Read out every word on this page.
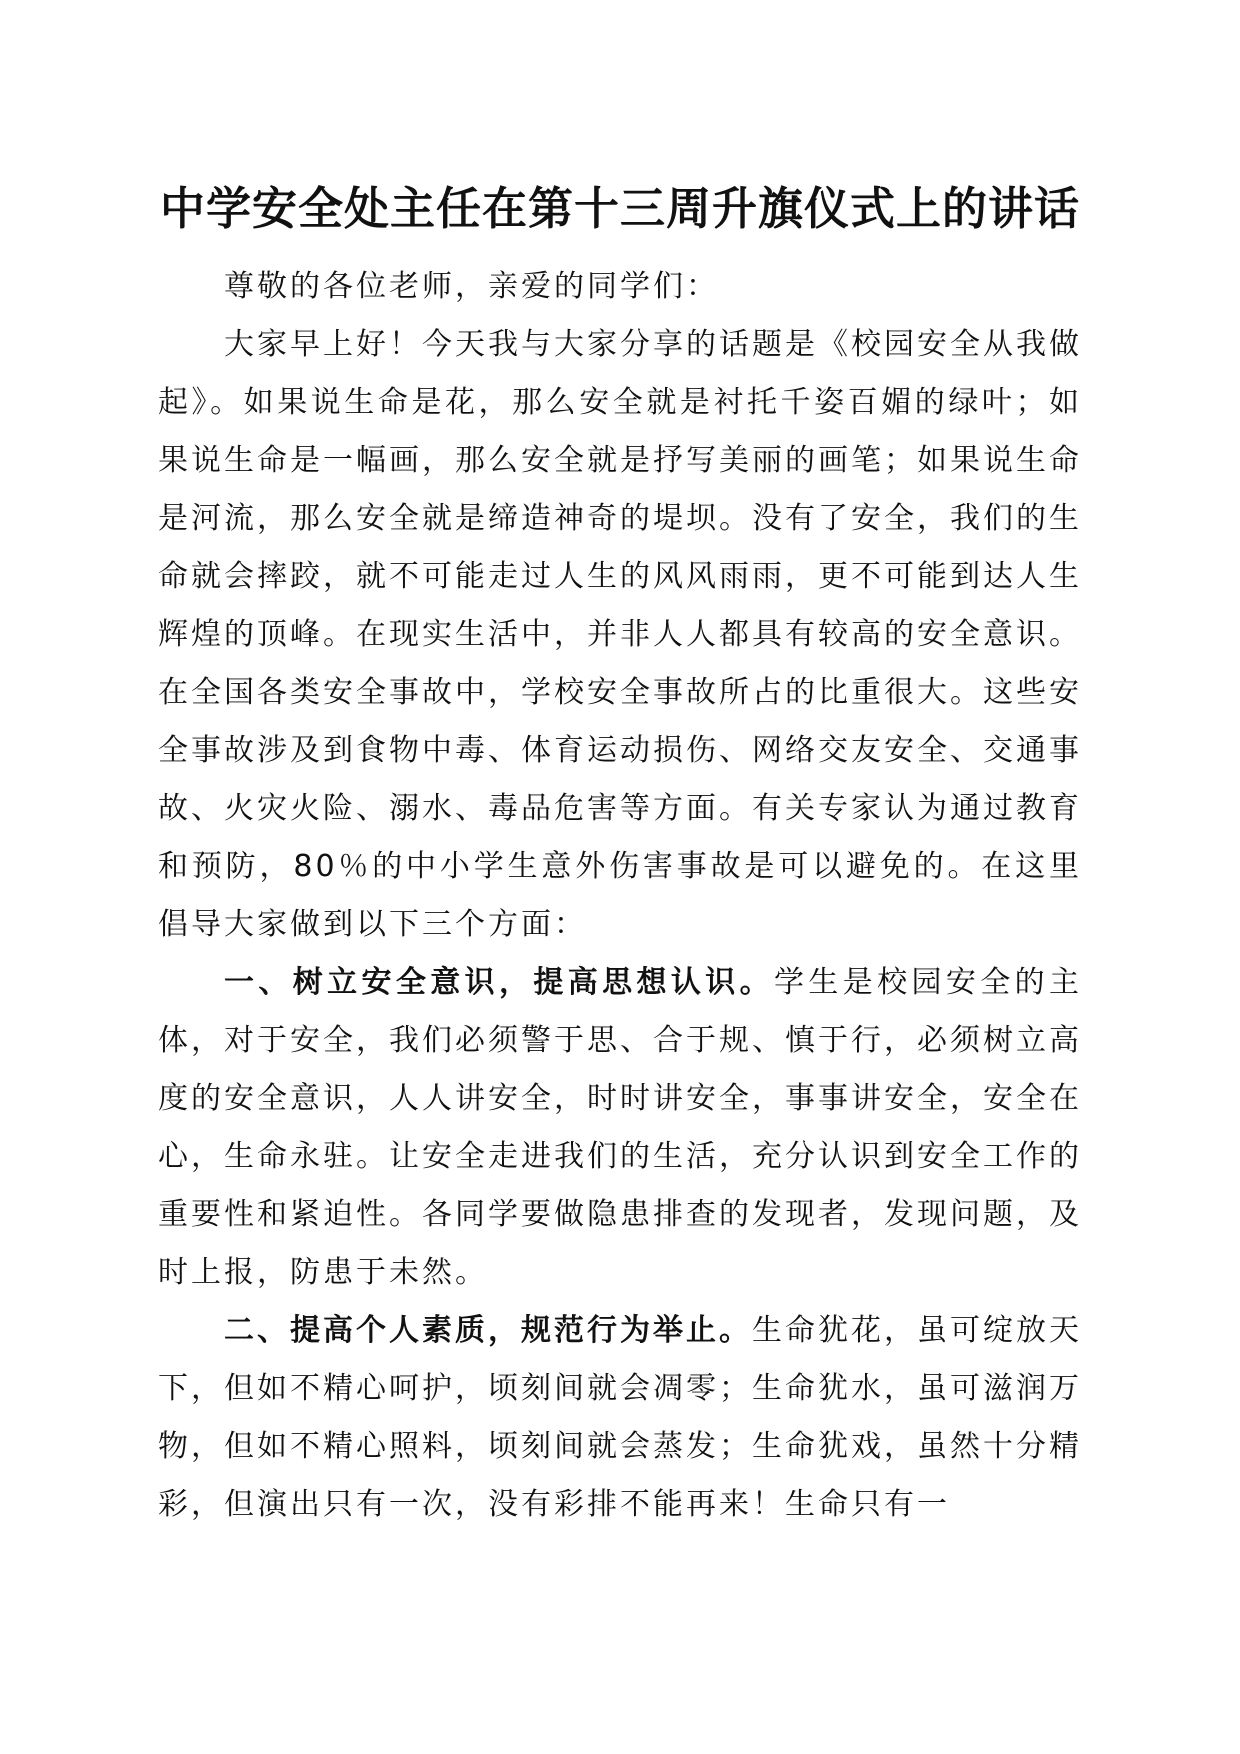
中学安全处主任在第十三周升旗仪式上的讲话

尊敬的各位老师，亲爱的同学们：

大家早上好！今天我与大家分享的话题是《校园安全从我做起》。如果说生命是花，那么安全就是衬托千姿百媚的绿叶；如果说生命是一幅画，那么安全就是抒写美丽的画笔；如果说生命是河流，那么安全就是缔造神奇的堤坝。没有了安全，我们的生命就会摔跤，就不可能走过人生的风风雨雨，更不可能到达人生辉煌的顶峰。在现实生活中，并非人人都具有较高的安全意识。在全国各类安全事故中，学校安全事故所占的比重很大。这些安全事故涉及到食物中毒、体育运动损伤、网络交友安全、交通事故、火灾火险、溺水、毒品危害等方面。有关专家认为通过教育和预防，80％的中小学生意外伤害事故是可以避免的。在这里倡导大家做到以下三个方面：

一、树立安全意识，提高思想认识。学生是校园安全的主体，对于安全，我们必须警于思、合于规、慎于行，必须树立高度的安全意识，人人讲安全，时时讲安全，事事讲安全，安全在心，生命永驻。让安全走进我们的生活，充分认识到安全工作的重要性和紧迫性。各同学要做隐患排查的发现者，发现问题，及时上报，防患于未然。

二、提高个人素质，规范行为举止。生命犹花，虽可绽放天下，但如不精心呵护，顷刻间就会凋零；生命犹水，虽可滋润万物，但如不精心照料，顷刻间就会蒸发；生命犹戏，虽然十分精彩，但演出只有一次，没有彩排不能再来！生命只有一
